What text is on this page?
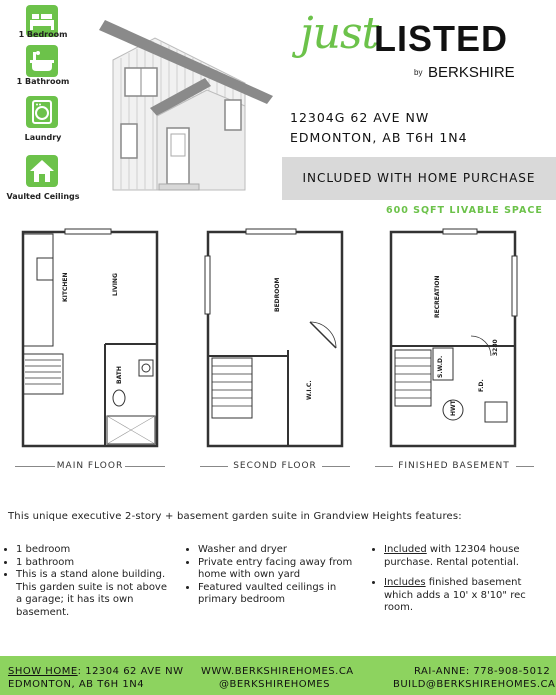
1 Bedroom
1 Bathroom
Laundry
Vaulted Ceilings
just
LISTED
by BERKSHIRE
12304G 62 AVE NW
EDMONTON, AB T6H 1N4
INCLUDED WITH HOME PURCHASE
600 SQFT LIVABLE SPACE
KITCHEN	LIVING
BATH
BEDROOM
W.I.C.
RECREATION
S.W.D.
F.D.
HWT
3280
MAIN FLOOR	SECOND FLOOR	FINISHED BASEMENT
This unique executive 2-story + basement garden suite in Grandview Heights features:
• 1 bedroom
• 1 bathroom
• This is a stand alone building. This garden suite is not above a garage; it has its own basement.
• Washer and dryer
• Private entry facing away from home with own yard
• Featured vaulted ceilings in primary bedroom
• Included with 12304 house purchase. Rental potential.
• Includes finished basement which adds a 10' x 8'10" rec room.
SHOW HOME: 12304 62 AVE NW
EDMONTON, AB T6H 1N4
WWW.BERKSHIREHOMES.CA
@BERKSHIREHOMES
RAI-ANNE: 778-908-5012
BUILD@BERKSHIREHOMES.CA
